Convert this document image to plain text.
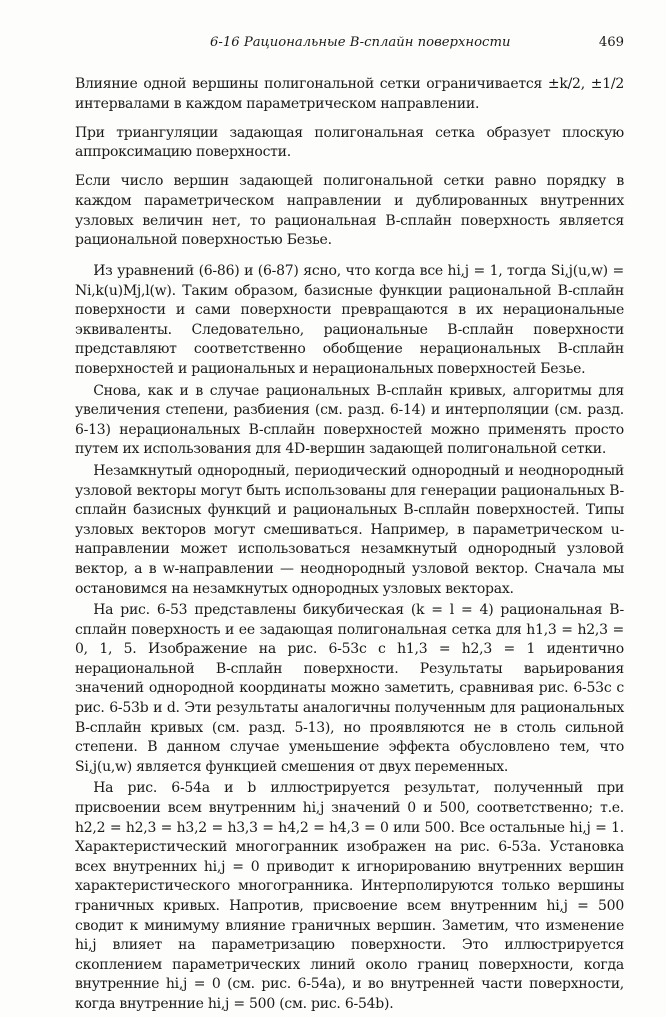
6-16 Рациональные B-сплайн поверхности	469

Влияние одной вершины полигональной сетки ограничивается ±k/2, ±1/2 интервалами в каждом параметрическом направлении.

При триангуляции задающая полигональная сетка образует плоскую аппроксимацию поверхности.

Если число вершин задающей полигональной сетки равно порядку в каждом параметрическом направлении и дублированных внутренних узловых величин нет, то рациональная B-сплайн поверхность является рациональной поверхностью Безье.

Из уравнений (6-86) и (6-87) ясно, что когда все hi,j = 1, тогда Si,j(u,w) = Ni,k(u)Mj,l(w). Таким образом, базисные функции рациональной B-сплайн поверхности и сами поверхности превращаются в их нерациональные эквиваленты. Следовательно, рациональные B-сплайн поверхности представляют соответственно обобщение нерациональных B-сплайн поверхностей и рациональных и нерациональных поверхностей Безье.

Снова, как и в случае рациональных B-сплайн кривых, алгоритмы для увеличения степени, разбиения (см. разд. 6-14) и интерполяции (см. разд. 6-13) нерациональных B-сплайн поверхностей можно применять просто путем их использования для 4D-вершин задающей полигональной сетки.

Незамкнутый однородный, периодический однородный и неоднородный узловой векторы могут быть использованы для генерации рациональных B-сплайн базисных функций и рациональных B-сплайн поверхностей. Типы узловых векторов могут смешиваться. Например, в параметрическом u-направлении может использоваться незамкнутый однородный узловой вектор, а в w-направлении — неоднородный узловой вектор. Сначала мы остановимся на незамкнутых однородных узловых векторах.

На рис. 6-53 представлены бикубическая (k = l = 4) рациональная B-сплайн поверхность и ее задающая полигональная сетка для h1,3 = h2,3 = 0, 1, 5. Изображение на рис. 6-53c с h1,3 = h2,3 = 1 идентично нерациональной B-сплайн поверхности. Результаты варьирования значений однородной координаты можно заметить, сравнивая рис. 6-53c с рис. 6-53b и d. Эти результаты аналогичны полученным для рациональных B-сплайн кривых (см. разд. 5-13), но проявляются не в столь сильной степени. В данном случае уменьшение эффекта обусловлено тем, что Si,j(u,w) является функцией смешения от двух переменных.

На рис. 6-54a и b иллюстрируется результат, полученный при присвоении всем внутренним hi,j значений 0 и 500, соответственно; т.е. h2,2 = h2,3 = h3,2 = h3,3 = h4,2 = h4,3 = 0 или 500. Все остальные hi,j = 1. Характеристический многогранник изображен на рис. 6-53a. Установка всех внутренних hi,j = 0 приводит к игнорированию внутренних вершин характеристического многогранника. Интерполируются только вершины граничных кривых. Напротив, присвоение всем внутренним hi,j = 500 сводит к минимуму влияние граничных вершин. Заметим, что изменение hi,j влияет на параметризацию поверхности. Это иллюстрируется скоплением параметрических линий около границ поверхности, когда внутренние hi,j = 0 (см. рис. 6-54a), и во внутренней части поверхности, когда внутренние hi,j = 500 (см. рис. 6-54b).
